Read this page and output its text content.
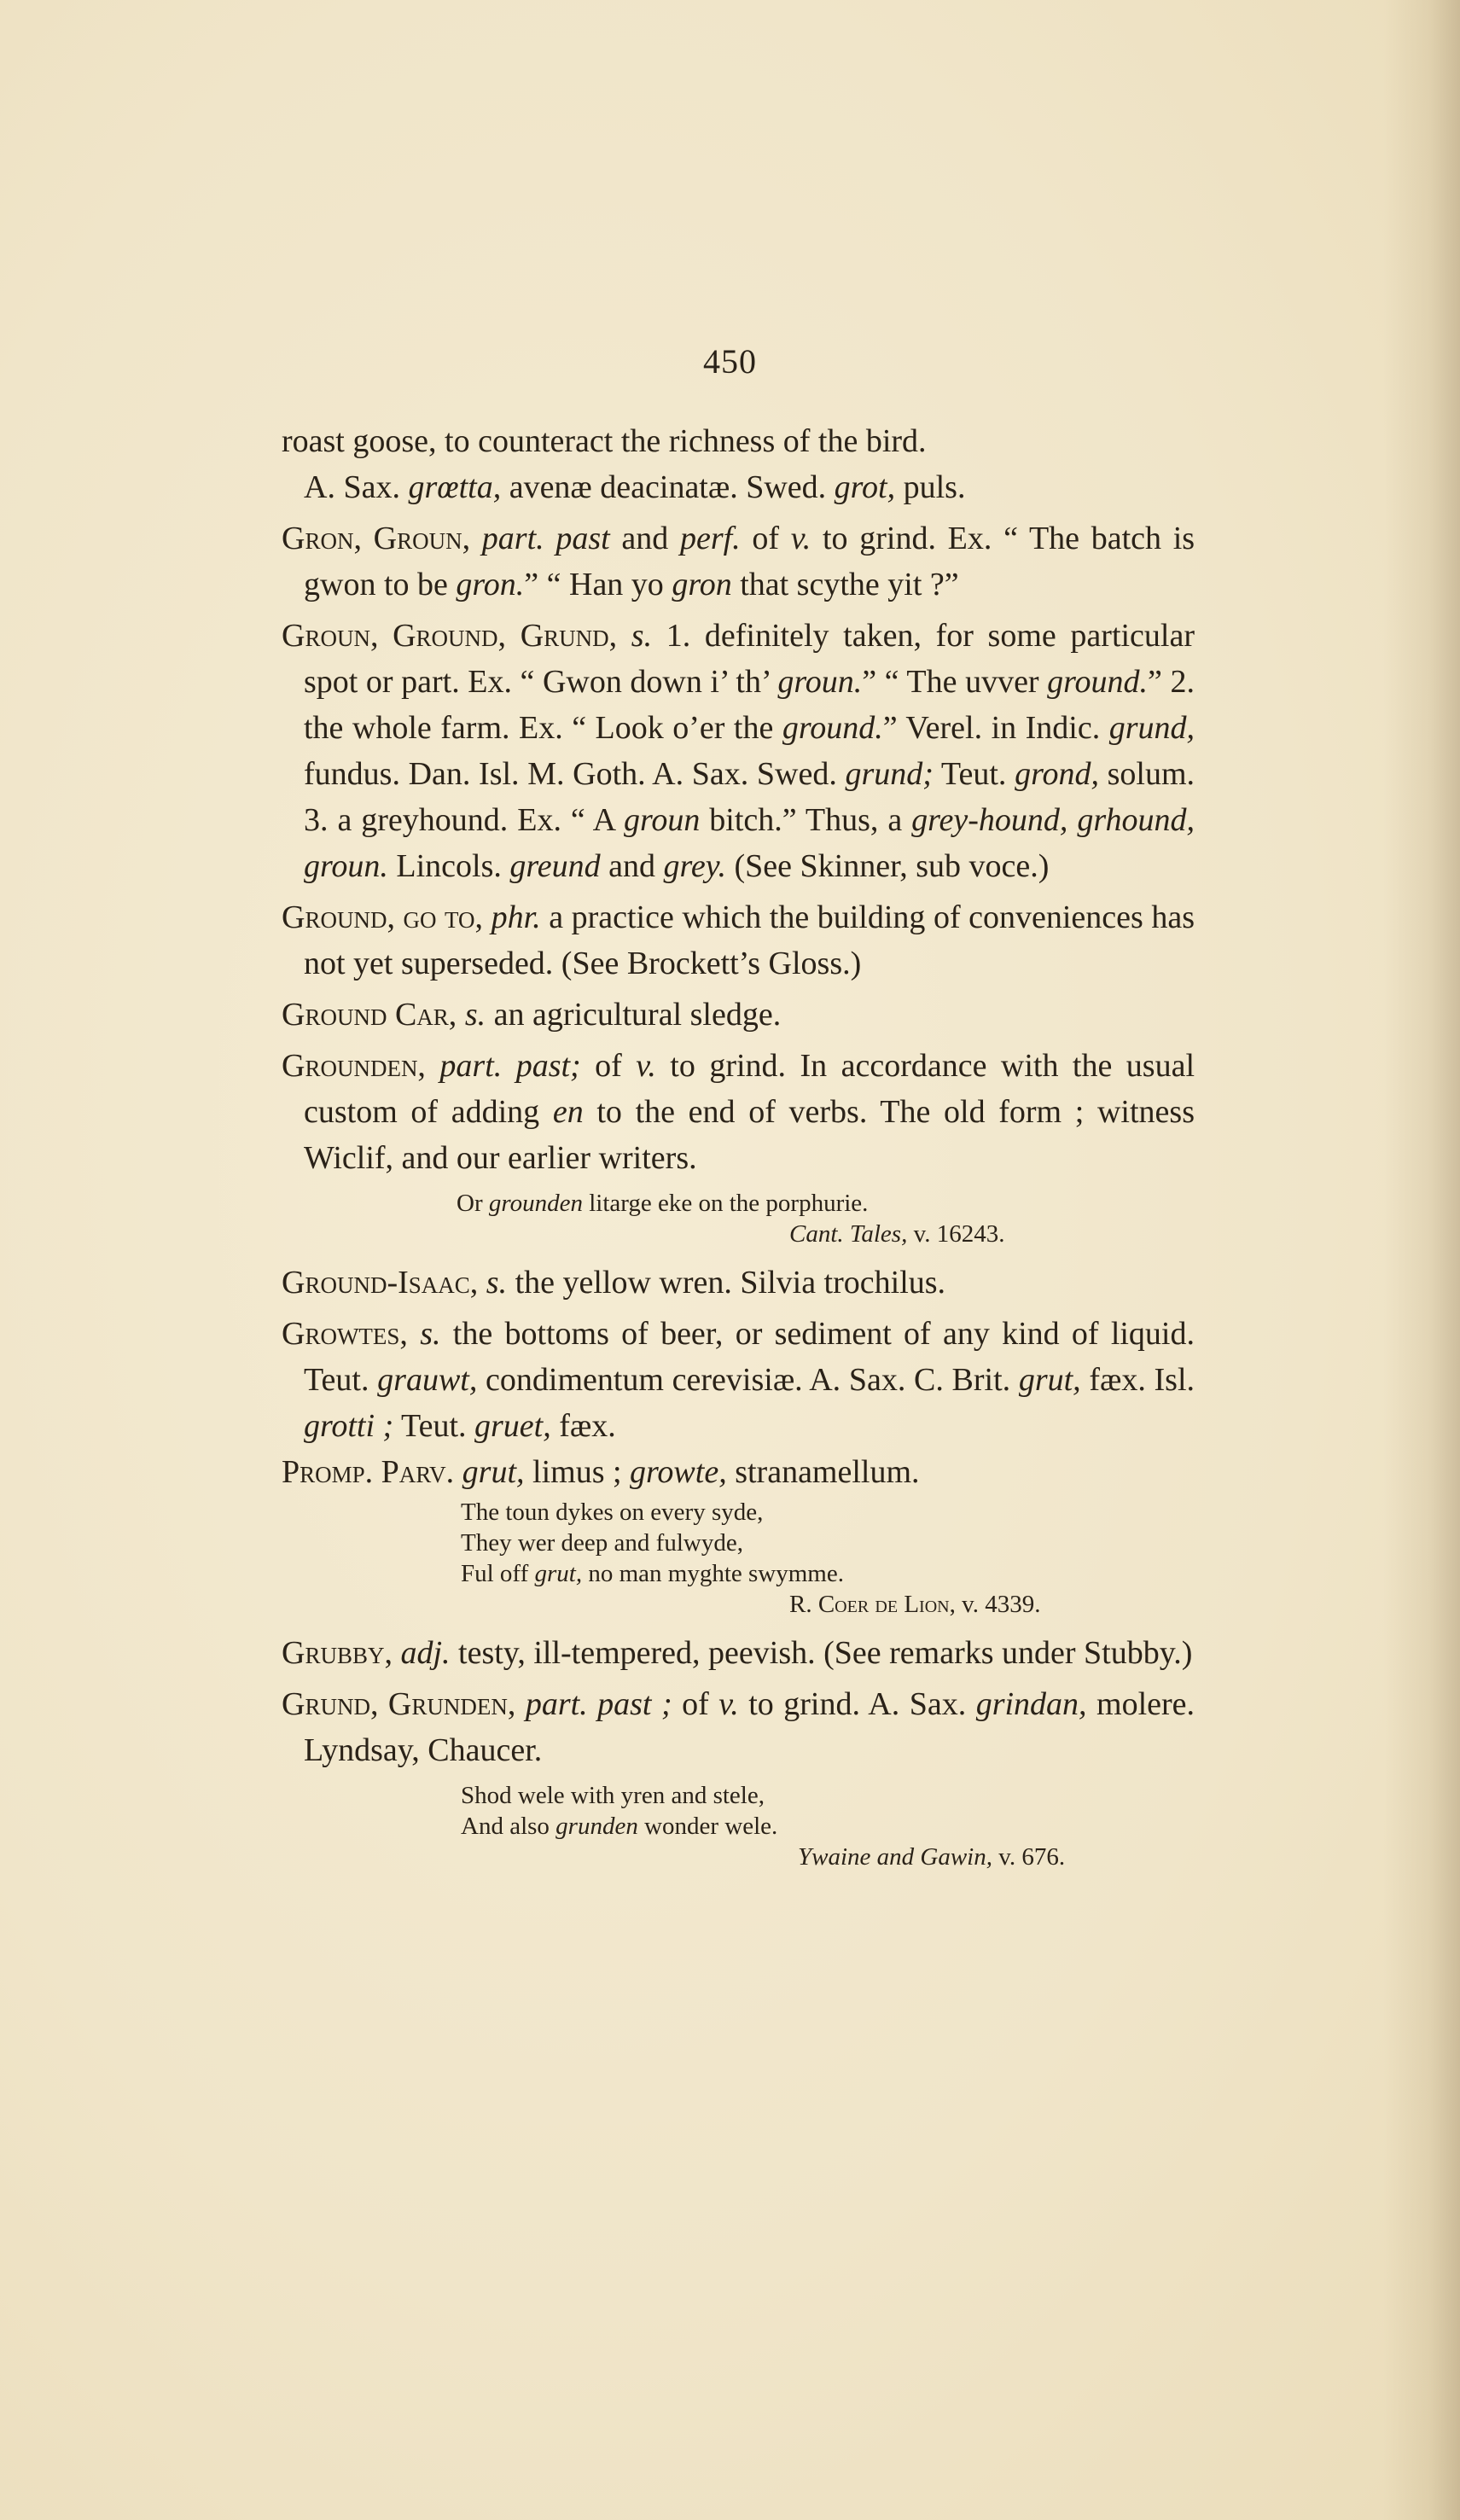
450

roast goose, to counteract the richness of the bird.
A. Sax. grœtta, avenæ deacinatæ. Swed. grot, puls.

Gron, Groun, part. past and perf. of v. to grind. Ex. “ The batch is gwon to be gron.” “ Han yo gron that scythe yit ?”

Groun, Ground, Grund, s. 1. definitely taken, for some particular spot or part. Ex. “ Gwon down i’ th’ groun.” “ The uvver ground.” 2. the whole farm. Ex. “ Look o’er the ground.” Verel. in Indic. grund, fundus. Dan. Isl. M. Goth. A. Sax. Swed. grund; Teut. grond, solum. 3. a greyhound. Ex. “ A groun bitch.” Thus, a grey-hound, grhound, groun. Lincols. greund and grey. (See Skinner, sub voce.)

Ground, go to, phr. a practice which the building of conveniences has not yet superseded. (See Brockett’s Gloss.)

Ground Car, s. an agricultural sledge.

Grounden, part. past; of v. to grind. In accordance with the usual custom of adding en to the end of verbs. The old form ; witness Wiclif, and our earlier writers.

Or grounden litarge eke on the porphurie.
Cant. Tales, v. 16243.

Ground-Isaac, s. the yellow wren. Silvia trochilus.

Growtes, s. the bottoms of beer, or sediment of any kind of liquid. Teut. grauwt, condimentum cerevisiæ. A. Sax. C. Brit. grut, fæx. Isl. grotti ; Teut. gruet, fæx.

Promp. Parv. grut, limus ; growte, stranamellum.

The toun dykes on every syde,
They wer deep and fulwyde,
Ful off grut, no man myghte swymme.
R. Coer de Lion, v. 4339.

Grubby, adj. testy, ill-tempered, peevish. (See remarks under Stubby.)

Grund, Grunden, part. past ; of v. to grind. A. Sax. grindan, molere. Lyndsay, Chaucer.

Shod wele with yren and stele,
And also grunden wonder wele.
Ywaine and Gawin, v. 676.
